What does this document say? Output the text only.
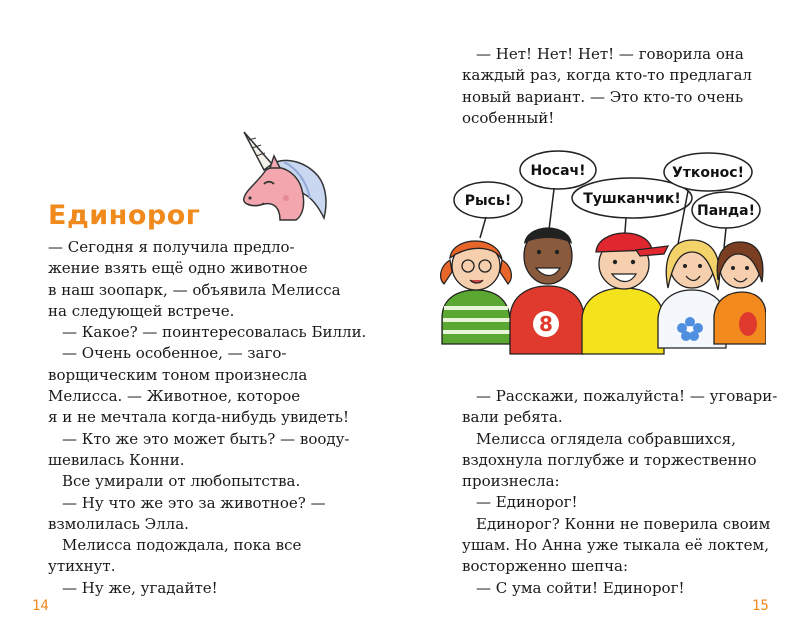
Единорог
— Сегодня я получила предло-
жение взять ещё одно животное
в наш зоопарк, — объявила Мелисса
на следующей встрече.
— Какое? — поинтересовалась Билли.
— Очень особенное, — заго-
ворщическим тоном произнесла
Мелисса. — Животное, которое
я и не мечтала когда-нибудь увидеть!
— Кто же это может быть? — вооду-
шевилась Конни.
Все умирали от любопытства.
— Ну что же это за животное? —
взмолилась Элла.
Мелисса подождала, пока все
утихнут.
— Ну же, угадайте!
14
— Нет! Нет! Нет! — говорила она
каждый раз, когда кто-то предлагал
новый вариант. — Это кто-то очень
особенный!
Рысь!
Носач!
Тушканчик!
Утконос!
Панда!
8
— Расскажи, пожалуйста! — уговари-
вали ребята.
Мелисса оглядела собравшихся,
вздохнула поглубже и торжественно
произнесла:
— Единорог!
Единорог? Конни не поверила своим
ушам. Но Анна уже тыкала её локтем,
восторженно шепча:
— С ума сойти! Единорог!
15
